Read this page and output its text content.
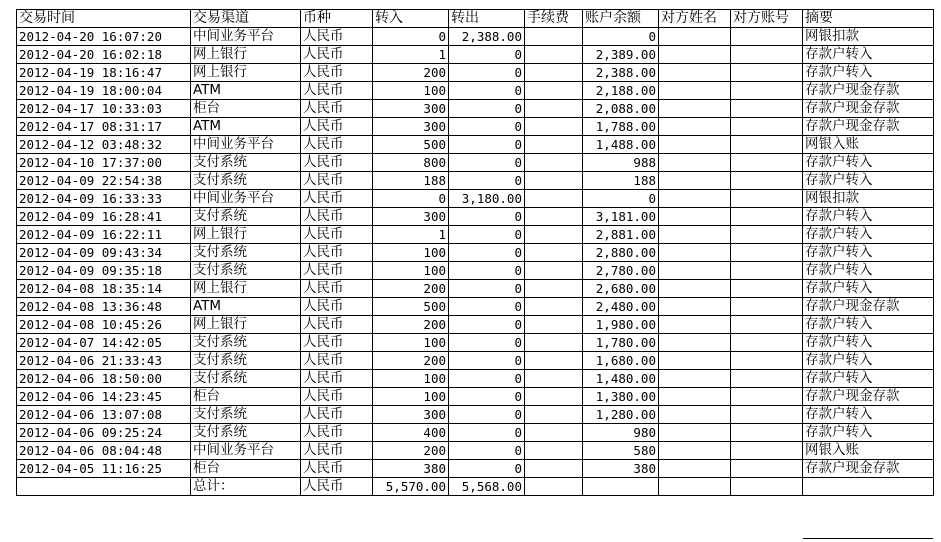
交易时间	交易渠道	币种	转入	转出	手续费	账户余额	对方姓名	对方账号	摘要
2012-04-20 16:07:20	中间业务平台	人民币	0	2,388.00		0			网银扣款
2012-04-20 16:02:18	网上银行	人民币	1	0		2,389.00			存款户转入
2012-04-19 18:16:47	网上银行	人民币	200	0		2,388.00			存款户转入
2012-04-19 18:00:04	ATM	人民币	100	0		2,188.00			存款户现金存款
2012-04-17 10:33:03	柜台	人民币	300	0		2,088.00			存款户现金存款
2012-04-17 08:31:17	ATM	人民币	300	0		1,788.00			存款户现金存款
2012-04-12 03:48:32	中间业务平台	人民币	500	0		1,488.00			网银入账
2012-04-10 17:37:00	支付系统	人民币	800	0		988			存款户转入
2012-04-09 22:54:38	支付系统	人民币	188	0		188			存款户转入
2012-04-09 16:33:33	中间业务平台	人民币	0	3,180.00		0			网银扣款
2012-04-09 16:28:41	支付系统	人民币	300	0		3,181.00			存款户转入
2012-04-09 16:22:11	网上银行	人民币	1	0		2,881.00			存款户转入
2012-04-09 09:43:34	支付系统	人民币	100	0		2,880.00			存款户转入
2012-04-09 09:35:18	支付系统	人民币	100	0		2,780.00			存款户转入
2012-04-08 18:35:14	网上银行	人民币	200	0		2,680.00			存款户转入
2012-04-08 13:36:48	ATM	人民币	500	0		2,480.00			存款户现金存款
2012-04-08 10:45:26	网上银行	人民币	200	0		1,980.00			存款户转入
2012-04-07 14:42:05	支付系统	人民币	100	0		1,780.00			存款户转入
2012-04-06 21:33:43	支付系统	人民币	200	0		1,680.00			存款户转入
2012-04-06 18:50:00	支付系统	人民币	100	0		1,480.00			存款户转入
2012-04-06 14:23:45	柜台	人民币	100	0		1,380.00			存款户现金存款
2012-04-06 13:07:08	支付系统	人民币	300	0		1,280.00			存款户转入
2012-04-06 09:25:24	支付系统	人民币	400	0		980			存款户转入
2012-04-06 08:04:48	中间业务平台	人民币	200	0		580			网银入账
2012-04-05 11:16:25	柜台	人民币	380	0		380			存款户现金存款
	总计：	人民币	5,570.00	5,568.00					
